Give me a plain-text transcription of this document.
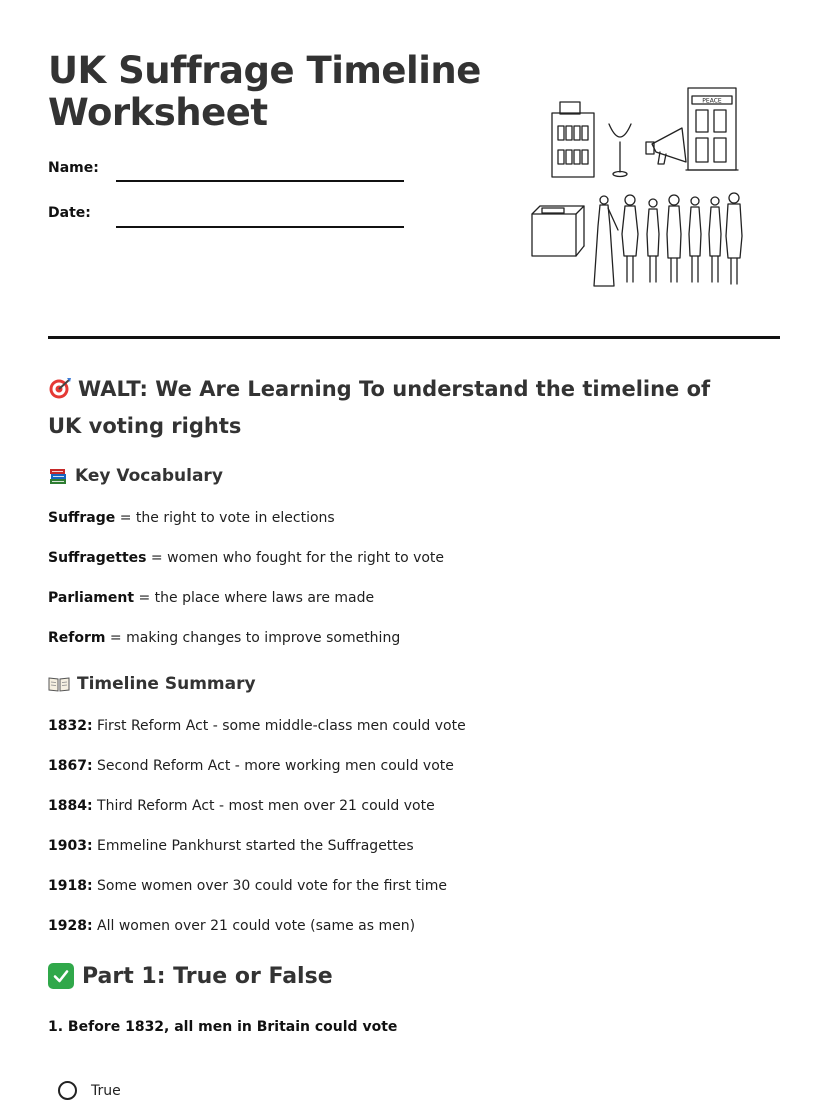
UK Suffrage Timeline
Worksheet
Name:
Date:
PEACE
WALT: We Are Learning To understand the timeline of UK voting rights
Key Vocabulary
Suffrage = the right to vote in elections
Suffragettes = women who fought for the right to vote
Parliament = the place where laws are made
Reform = making changes to improve something
Timeline Summary
1832: First Reform Act - some middle-class men could vote
1867: Second Reform Act - more working men could vote
1884: Third Reform Act - most men over 21 could vote
1903: Emmeline Pankhurst started the Suffragettes
1918: Some women over 30 could vote for the first time
1928: All women over 21 could vote (same as men)
Part 1: True or False
1. Before 1832, all men in Britain could vote
True
